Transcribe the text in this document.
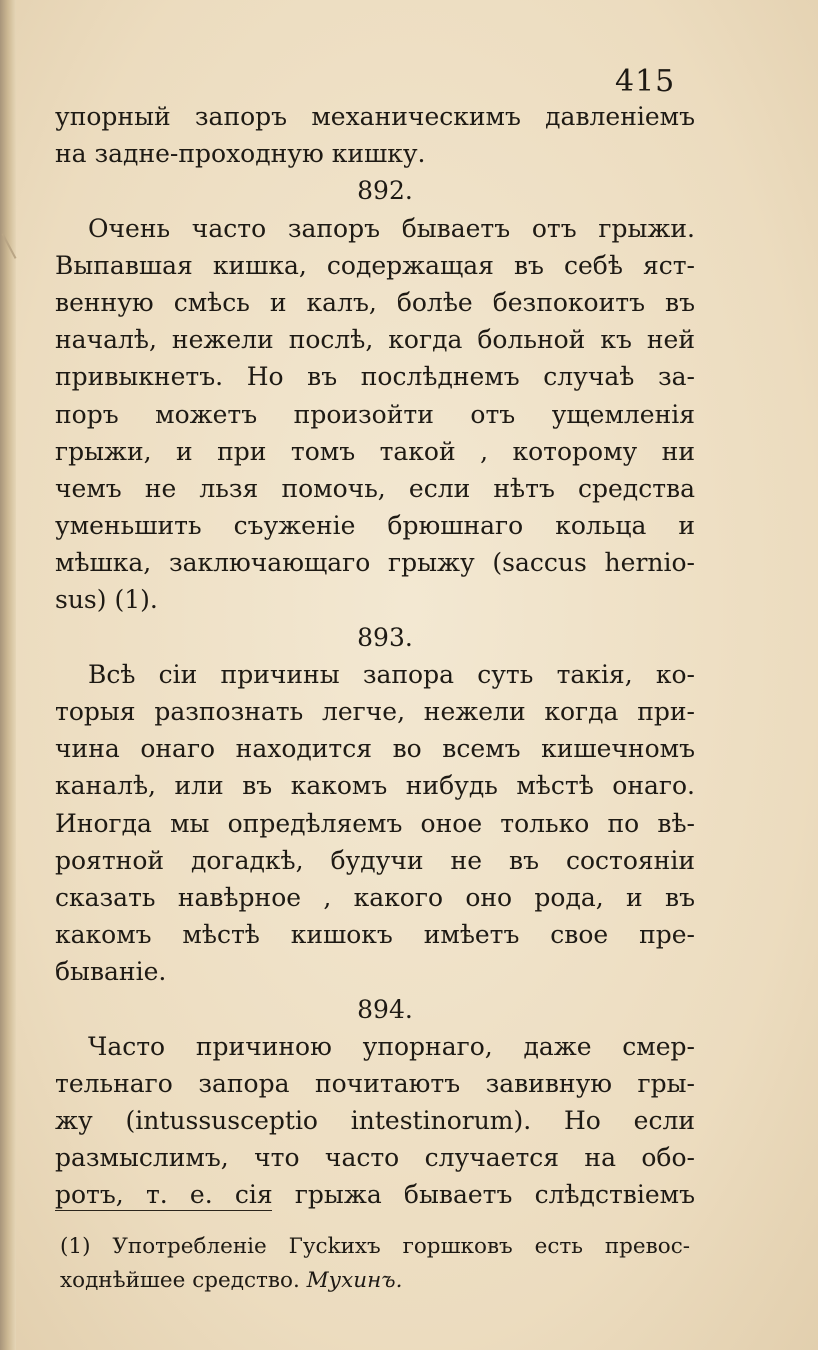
415
упорный запоръ механическимъ давленіемъ
на задне-проходную кишку.
892.
Очень часто запоръ бываетъ отъ грыжи.
Выпавшая кишка, содержащая въ себѣ яст-
венную смѣсь и калъ, болѣе безпокоитъ въ
началѣ, нежели послѣ, когда больной къ ней
привыкнетъ. Но въ послѣднемъ случаѣ за-
поръ можетъ произойти отъ ущемленія
грыжи, и при томъ такой , которому ни
чемъ не льзя помочь, если нѣтъ средства
уменьшить съуженіе брюшнаго кольца и
мѣшка, заключающаго грыжу (saccus hernio-
sus) (1).
893.
Всѣ сіи причины запора суть такія, ко-
торыя разпознать легче, нежели когда при-
чина онаго находится во всемъ кишечномъ
каналѣ, или въ какомъ нибудь мѣстѣ онаго.
Иногда мы опредѣляемъ оное только по вѣ-
роятной догадкѣ, будучи не въ состояніи
сказать навѣрное , какого оно рода, и въ
какомъ мѣстѣ кишокъ имѣетъ свое пре-
бываніе.
894.
Часто причиною упорнаго, даже смер-
тельнаго запора почитаютъ завивную гры-
жу (intussusceptio intestinorum). Но если
размыслимъ, что часто случается на обо-
ротъ, т. е. сія грыжа бываетъ слѣдствіемъ
(1) Употребленіе Гусkихъ горшковъ есть превос-
ходнѣйшее средство. Мухинъ.
